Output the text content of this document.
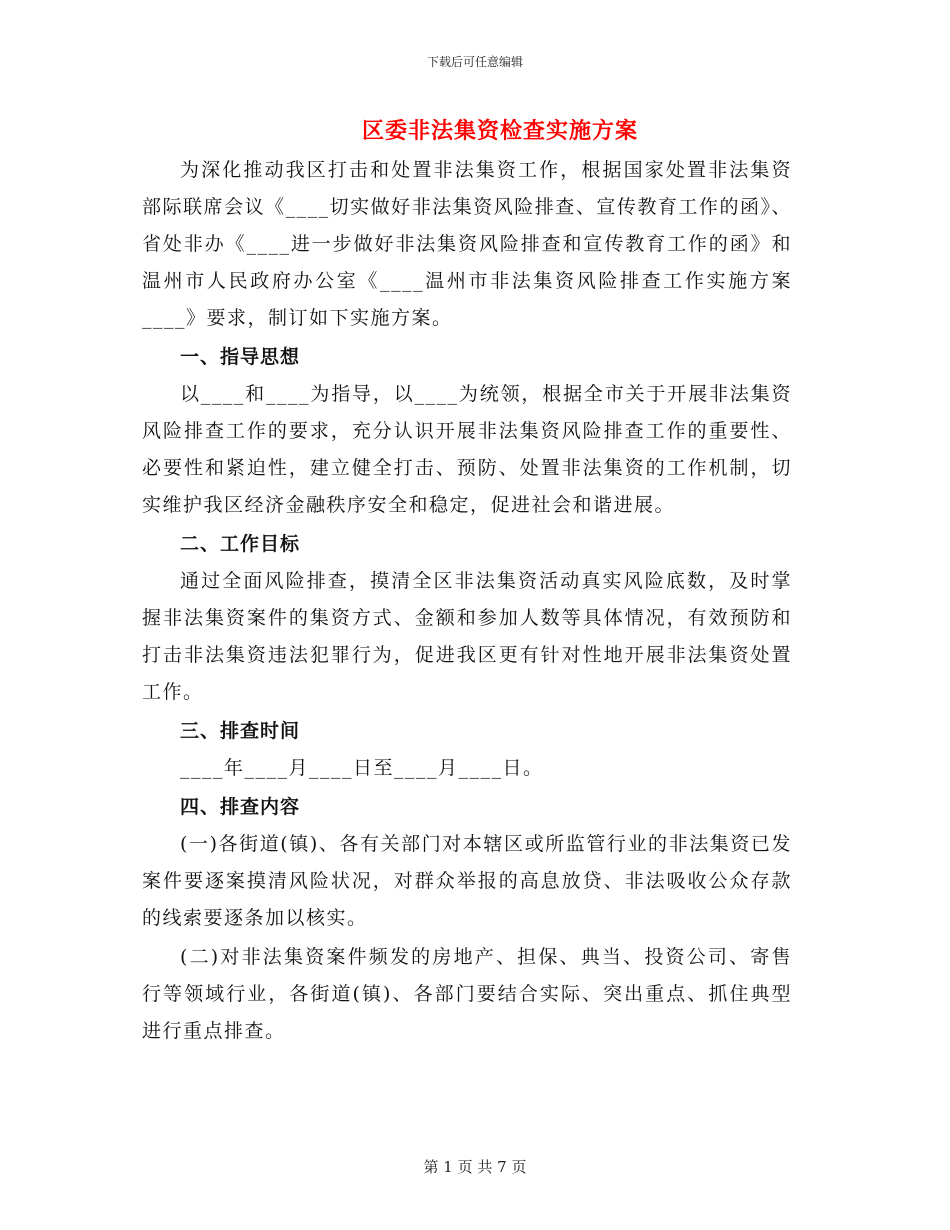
下载后可任意编辑
区委非法集资检查实施方案

为深化推动我区打击和处置非法集资工作，根据国家处置非法集资部际联席会议《____切实做好非法集资风险排查、宣传教育工作的函》、省处非办《____进一步做好非法集资风险排查和宣传教育工作的函》和温州市人民政府办公室《____温州市非法集资风险排查工作实施方案____》要求，制订如下实施方案。

一、指导思想

以____和____为指导，以____为统领，根据全市关于开展非法集资风险排查工作的要求，充分认识开展非法集资风险排查工作的重要性、必要性和紧迫性，建立健全打击、预防、处置非法集资的工作机制，切实维护我区经济金融秩序安全和稳定，促进社会和谐进展。

二、工作目标

通过全面风险排查，摸清全区非法集资活动真实风险底数，及时掌握非法集资案件的集资方式、金额和参加人数等具体情况，有效预防和打击非法集资违法犯罪行为，促进我区更有针对性地开展非法集资处置工作。

三、排查时间

____年____月____日至____月____日。

四、排查内容

(一)各街道(镇)、各有关部门对本辖区或所监管行业的非法集资已发案件要逐案摸清风险状况，对群众举报的高息放贷、非法吸收公众存款的线索要逐条加以核实。

(二)对非法集资案件频发的房地产、担保、典当、投资公司、寄售行等领域行业，各街道(镇)、各部门要结合实际、突出重点、抓住典型进行重点排查。

第 1 页 共 7 页
